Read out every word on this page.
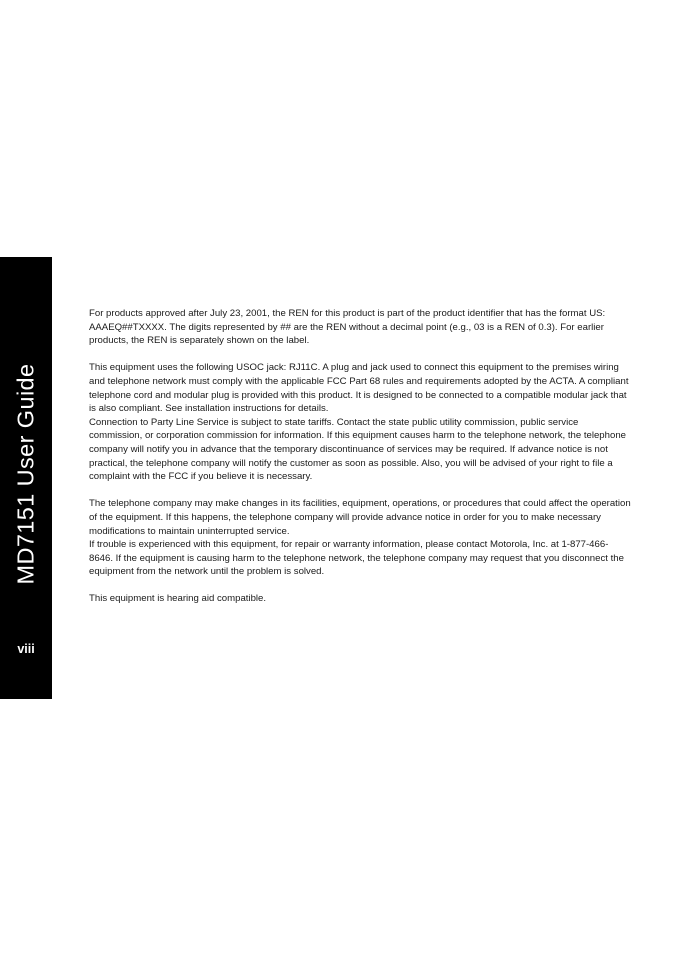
MD7151 User Guide
viii

For products approved after July 23, 2001, the REN for this product is part of the product identifier that has the format US: AAAEQ##TXXXX. The digits represented by ## are the REN without a decimal point (e.g., 03 is a REN of 0.3). For earlier products, the REN is separately shown on the label.

This equipment uses the following USOC jack: RJ11C. A plug and jack used to connect this equipment to the premises wiring and telephone network must comply with the applicable FCC Part 68 rules and requirements adopted by the ACTA. A compliant telephone cord and modular plug is provided with this product. It is designed to be connected to a compatible modular jack that is also compliant. See installation instructions for details.

Connection to Party Line Service is subject to state tariffs. Contact the state public utility commission, public service commission, or corporation commission for information. If this equipment causes harm to the telephone network, the telephone company will notify you in advance that the temporary discontinuance of services may be required. If advance notice is not practical, the telephone company will notify the customer as soon as possible. Also, you will be advised of your right to file a complaint with the FCC if you believe it is necessary.

The telephone company may make changes in its facilities, equipment, operations, or procedures that could affect the operation of the equipment. If this happens, the telephone company will provide advance notice in order for you to make necessary modifications to maintain uninterrupted service.

If trouble is experienced with this equipment, for repair or warranty information, please contact Motorola, Inc. at 1-877-466-8646. If the equipment is causing harm to the telephone network, the telephone company may request that you disconnect the equipment from the network until the problem is solved.

This equipment is hearing aid compatible.
